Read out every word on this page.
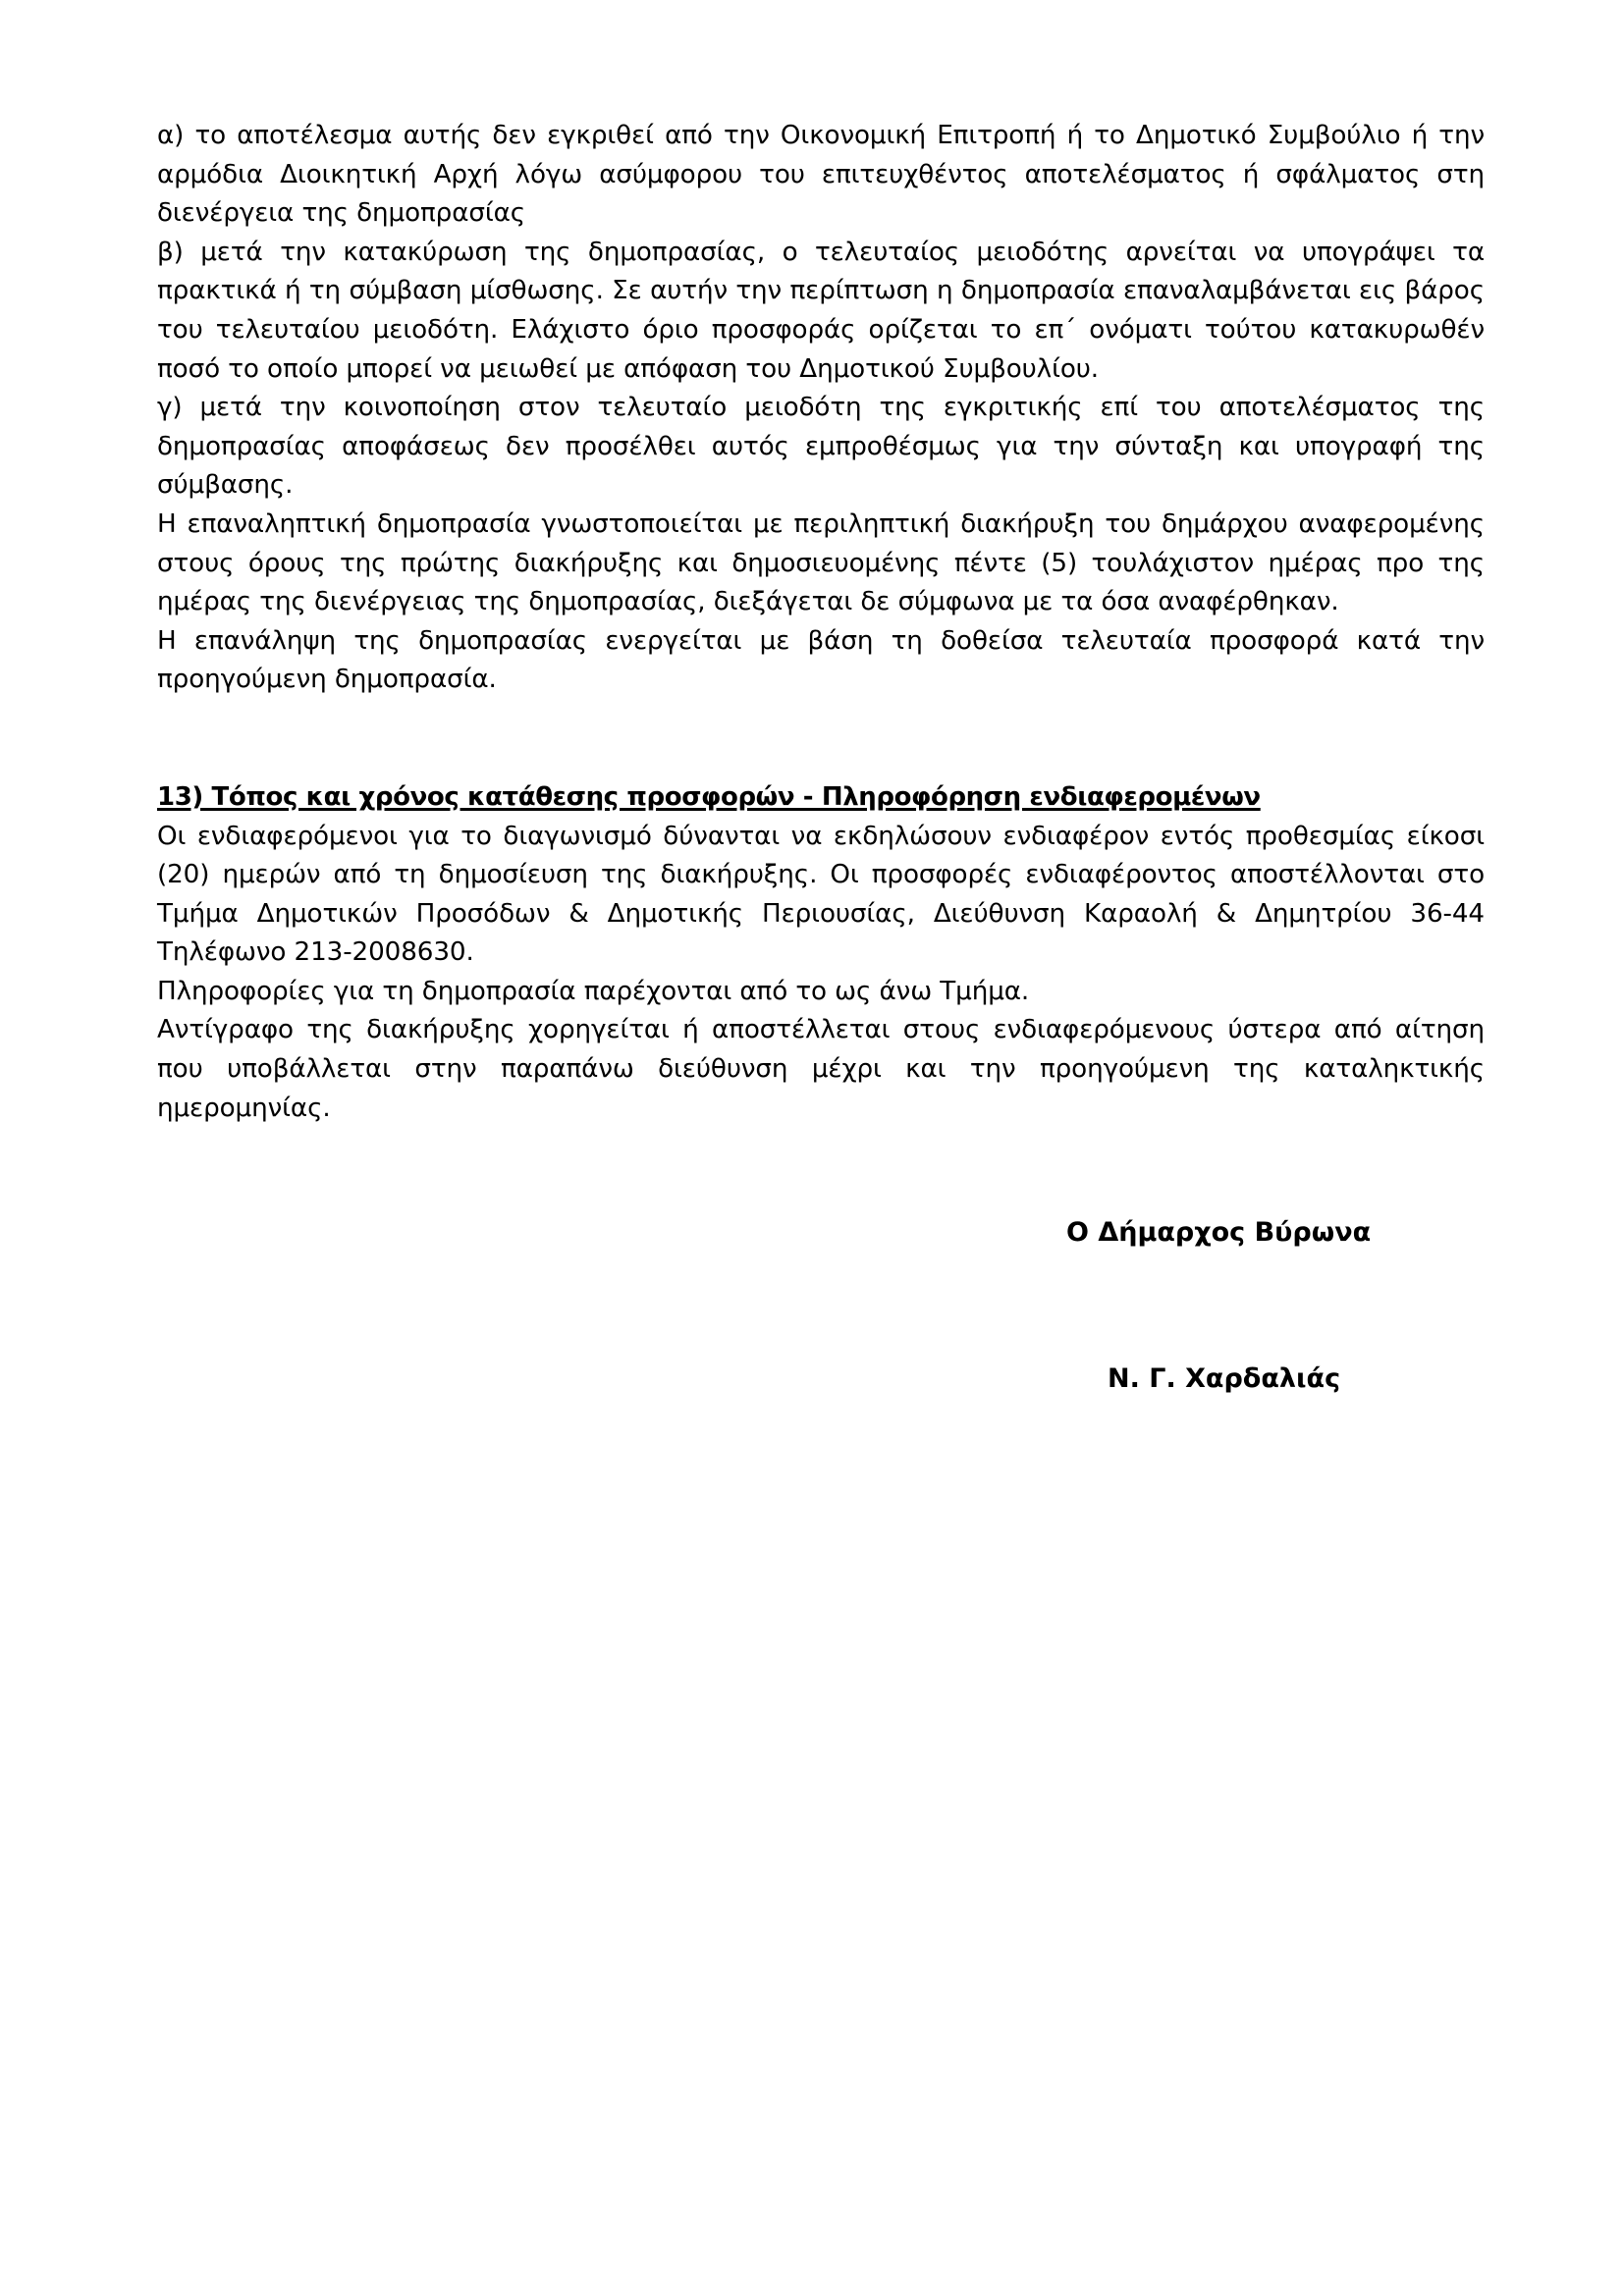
α) το αποτέλεσμα αυτής δεν εγκριθεί από την Οικονομική Επιτροπή ή το Δημοτικό Συμβούλιο ή την αρμόδια Διοικητική Αρχή λόγω ασύμφορου του επιτευχθέντος αποτελέσματος ή σφάλματος στη διενέργεια της δημοπρασίας

β) μετά την κατακύρωση της δημοπρασίας, ο τελευταίος μειοδότης αρνείται να υπογράψει τα πρακτικά ή τη σύμβαση μίσθωσης. Σε αυτήν την περίπτωση η δημοπρασία επαναλαμβάνεται εις βάρος του τελευταίου μειοδότη. Ελάχιστο όριο προσφοράς ορίζεται το επ΄ ονόματι τούτου κατακυρωθέν ποσό το οποίο μπορεί να μειωθεί με απόφαση του Δημοτικού Συμβουλίου.

γ) μετά την κοινοποίηση στον τελευταίο μειοδότη της εγκριτικής επί του αποτελέσματος της δημοπρασίας αποφάσεως δεν προσέλθει αυτός εμπροθέσμως για την σύνταξη και υπογραφή της σύμβασης.

Η επαναληπτική δημοπρασία γνωστοποιείται με περιληπτική διακήρυξη του δημάρχου αναφερομένης στους όρους της πρώτης διακήρυξης και δημοσιευομένης πέντε (5) τουλάχιστον ημέρας προ της ημέρας της διενέργειας της δημοπρασίας, διεξάγεται δε σύμφωνα με τα όσα αναφέρθηκαν.

Η επανάληψη της δημοπρασίας ενεργείται με βάση τη δοθείσα τελευταία προσφορά κατά την προηγούμενη δημοπρασία.

13) Τόπος και χρόνος κατάθεσης προσφορών - Πληροφόρηση ενδιαφερομένων

Οι ενδιαφερόμενοι για το διαγωνισμό δύνανται να εκδηλώσουν ενδιαφέρον εντός προθεσμίας είκοσι (20) ημερών από τη δημοσίευση της διακήρυξης. Οι προσφορές ενδιαφέροντος αποστέλλονται στο Τμήμα Δημοτικών Προσόδων & Δημοτικής Περιουσίας, Διεύθυνση Καραολή & Δημητρίου 36-44 Τηλέφωνο 213-2008630.

Πληροφορίες για τη δημοπρασία παρέχονται από το ως άνω Τμήμα.

Αντίγραφο της διακήρυξης χορηγείται ή αποστέλλεται στους ενδιαφερόμενους ύστερα από αίτηση που υποβάλλεται στην παραπάνω διεύθυνση μέχρι και την προηγούμενη της καταληκτικής ημερομηνίας.

Ο Δήμαρχος Βύρωνα
Ν. Γ. Χαρδαλιάς
